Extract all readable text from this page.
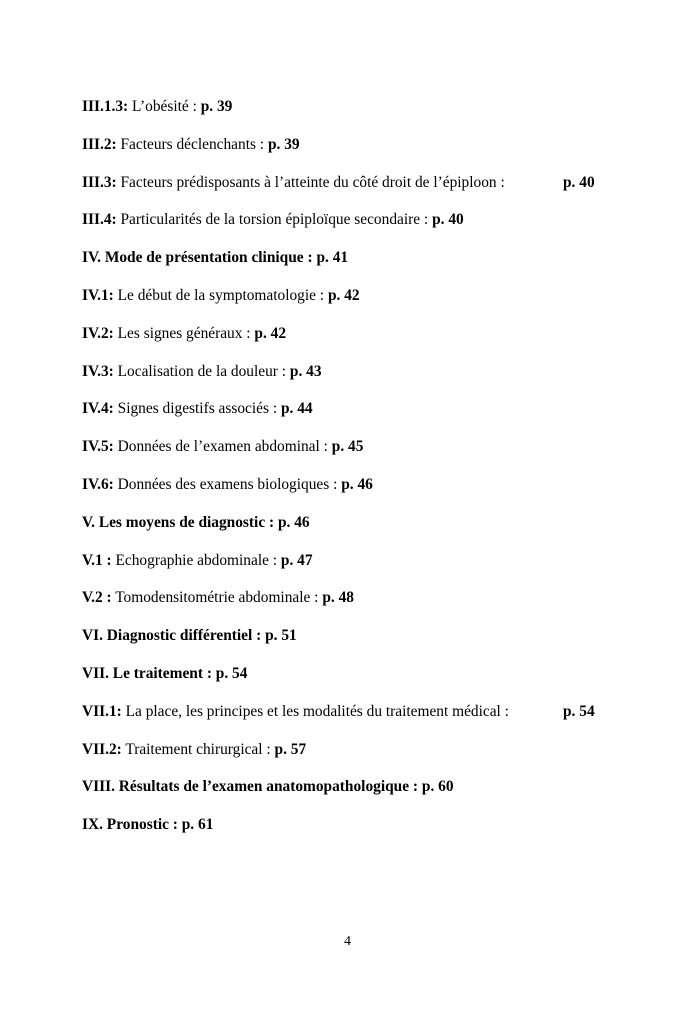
III.1.3: L’obésité : p. 39
III.2: Facteurs déclenchants : p. 39
III.3: Facteurs prédisposants à l’atteinte du côté droit de l’épiploon :	p. 40
III.4: Particularités de la torsion épiploïque secondaire : p. 40
IV. Mode de présentation clinique : p. 41
IV.1: Le début de la symptomatologie : p. 42
IV.2: Les signes généraux : p. 42
IV.3: Localisation de la douleur : p. 43
IV.4: Signes digestifs associés : p. 44
IV.5: Données de l’examen abdominal : p. 45
IV.6: Données des examens biologiques : p. 46
V. Les moyens de diagnostic : p. 46
V.1 : Echographie abdominale : p. 47
V.2 : Tomodensitométrie abdominale : p. 48
VI. Diagnostic différentiel : p. 51
VII. Le traitement : p. 54
VII.1: La place, les principes et les modalités du traitement médical :	p. 54
VII.2: Traitement chirurgical : p. 57
VIII. Résultats de l’examen anatomopathologique : p. 60
IX. Pronostic : p. 61
4
